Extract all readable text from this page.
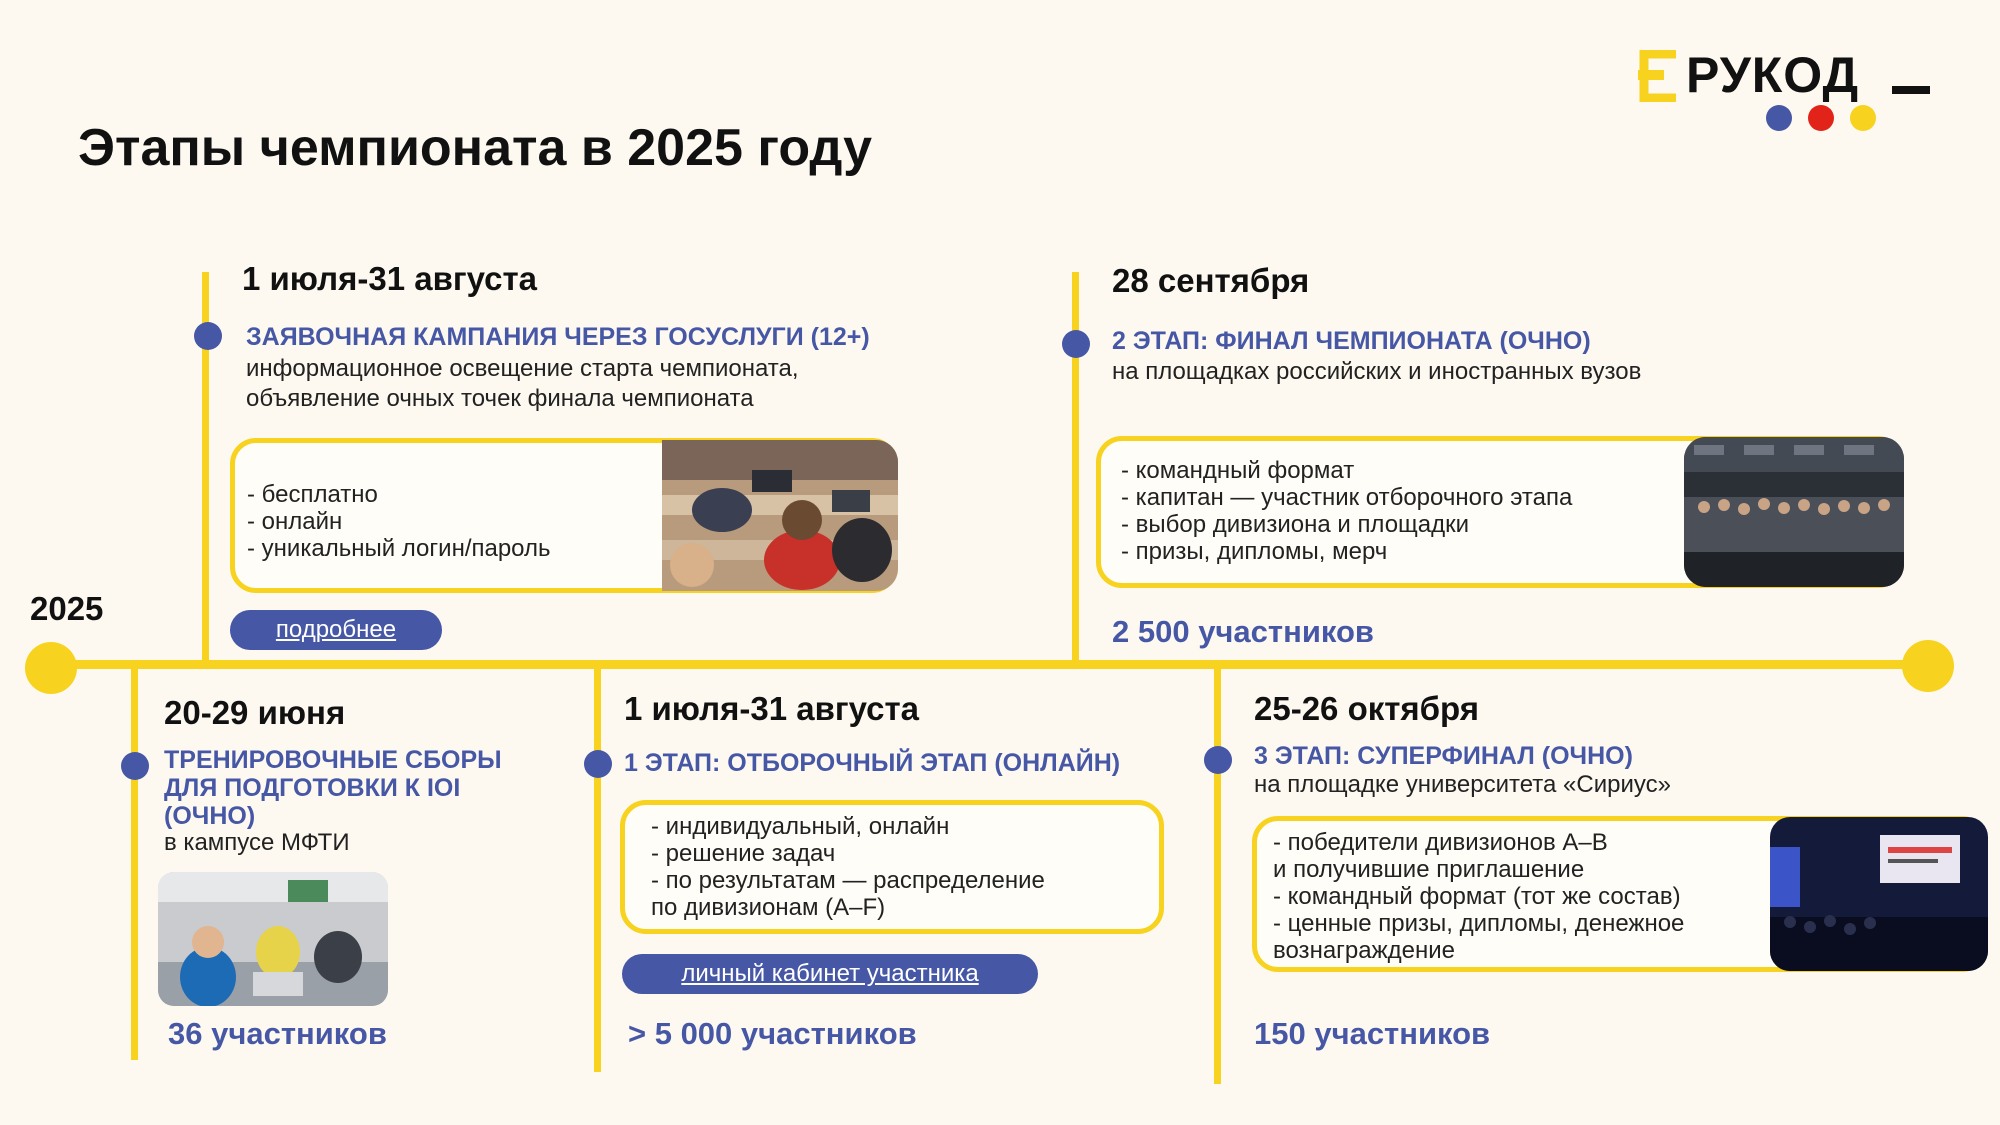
Этапы чемпионата в 2025 году
РУКОД
2025
1 июля-31 августа
ЗАЯВОЧНАЯ КАМПАНИЯ ЧЕРЕЗ ГОСУСЛУГИ (12+)
информационное освещение старта чемпионата,
объявление очных точек финала чемпионата
- бесплатно
- онлайн
- уникальный логин/пароль
подробнее
28 сентября
2 ЭТАП: ФИНАЛ ЧЕМПИОНАТА (ОЧНО)
на площадках российских и иностранных вузов
- командный формат
- капитан — участник отборочного этапа
- выбор дивизиона и площадки
- призы, дипломы, мерч
2 500 участников
20-29 июня
ТРЕНИРОВОЧНЫЕ СБОРЫ
ДЛЯ ПОДГОТОВКИ К IOI
(ОЧНО)
в кампусе МФТИ
36 участников
1 июля-31 августа
1 ЭТАП: ОТБОРОЧНЫЙ ЭТАП (ОНЛАЙН)
- индивидуальный, онлайн
- решение задач
- по результатам — распределение
по дивизионам (A–F)
личный кабинет участника
> 5 000 участников
25-26 октября
3 ЭТАП: СУПЕРФИНАЛ (ОЧНО)
на площадке университета «Сириус»
- победители дивизионов A–B
и получившие приглашение
- командный формат (тот же состав)
- ценные призы, дипломы, денежное
вознаграждение
150 участников
